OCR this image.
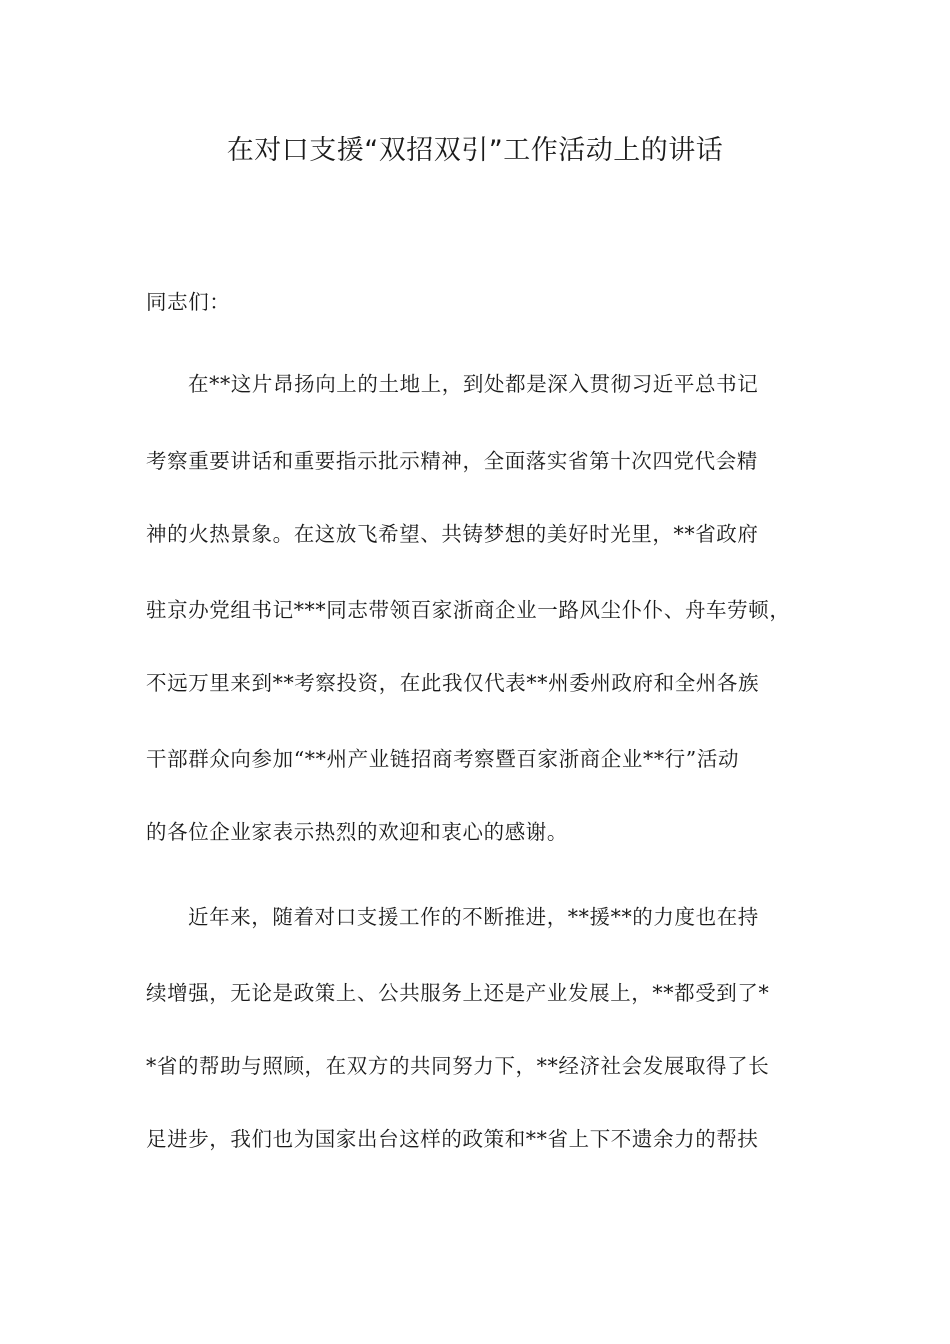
在对口支援“双招双引”工作活动上的讲话
同志们：
在**这片昂扬向上的土地上，到处都是深入贯彻习近平总书记
考察重要讲话和重要指示批示精神，全面落实省第十次四党代会精
神的火热景象。在这放飞希望、共铸梦想的美好时光里，**省政府
驻京办党组书记***同志带领百家浙商企业一路风尘仆仆、舟车劳顿，
不远万里来到**考察投资，在此我仅代表**州委州政府和全州各族
干部群众向参加“**州产业链招商考察暨百家浙商企业**行”活动
的各位企业家表示热烈的欢迎和衷心的感谢。
近年来，随着对口支援工作的不断推进，**援**的力度也在持
续增强，无论是政策上、公共服务上还是产业发展上，**都受到了*
*省的帮助与照顾，在双方的共同努力下，**经济社会发展取得了长
足进步，我们也为国家出台这样的政策和**省上下不遗余力的帮扶
